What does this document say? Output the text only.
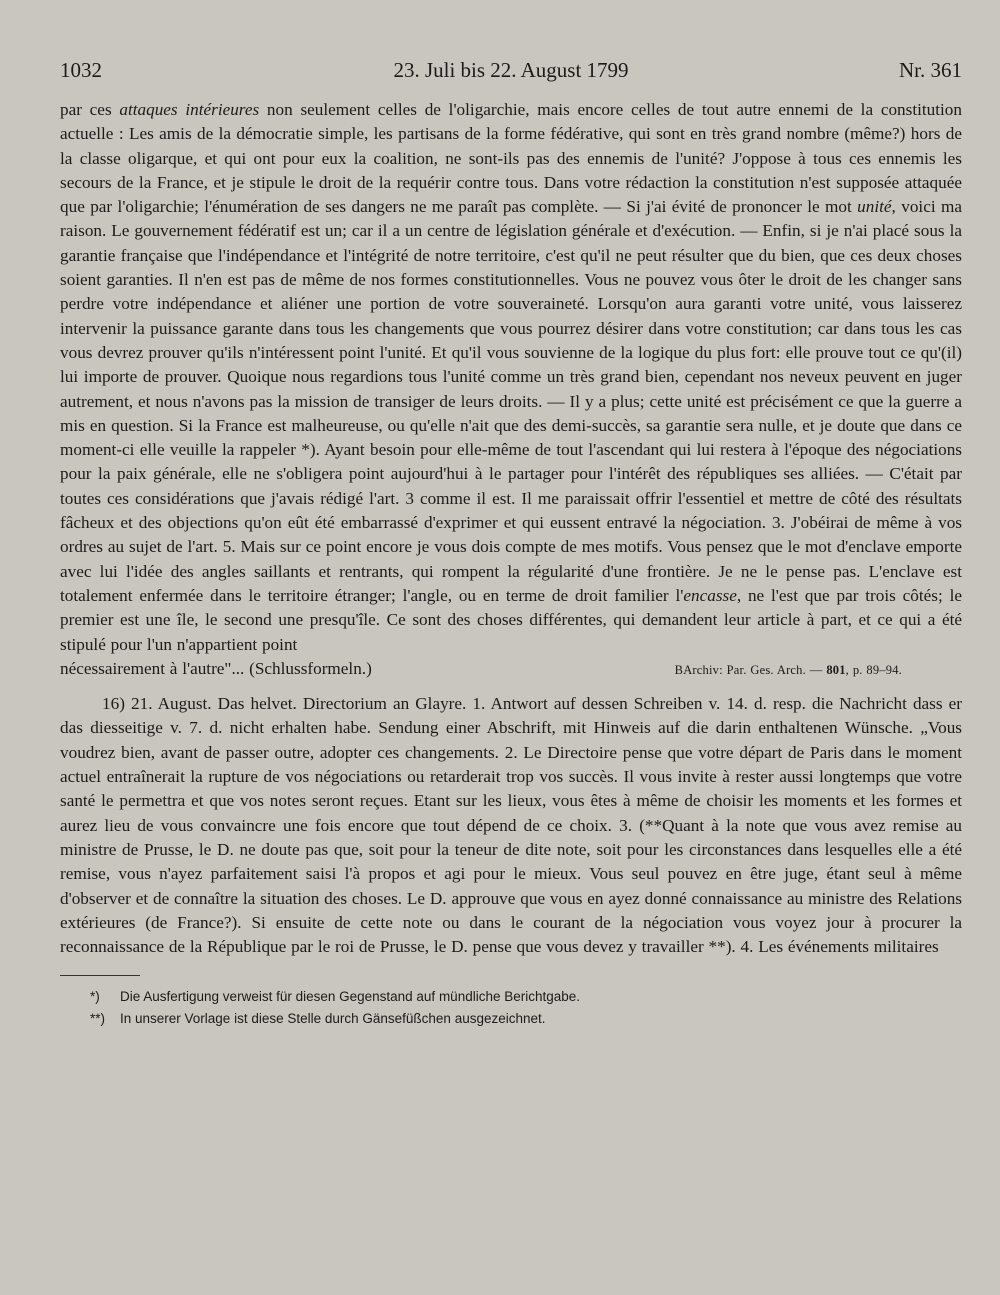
1032	23. Juli bis 22. August 1799	Nr. 361
par ces attaques intérieures non seulement celles de l'oligarchie, mais encore celles de tout autre ennemi de la constitution actuelle : Les amis de la démocratie simple, les partisans de la forme fédérative, qui sont en très grand nombre (même?) hors de la classe oligarque, et qui ont pour eux la coalition, ne sont-ils pas des ennemis de l'unité? J'oppose à tous ces ennemis les secours de la France, et je stipule le droit de la requérir contre tous. Dans votre rédaction la constitution n'est supposée attaquée que par l'oligarchie; l'énumération de ses dangers ne me paraît pas complète. — Si j'ai évité de prononcer le mot unité, voici ma raison. Le gouvernement fédératif est un; car il a un centre de législation générale et d'exécution. — Enfin, si je n'ai placé sous la garantie française que l'indépendance et l'intégrité de notre territoire, c'est qu'il ne peut résulter que du bien, que ces deux choses soient garanties. Il n'en est pas de même de nos formes constitutionnelles. Vous ne pouvez vous ôter le droit de les changer sans perdre votre indépendance et aliéner une portion de votre souveraineté. Lorsqu'on aura garanti votre unité, vous laisserez intervenir la puissance garante dans tous les changements que vous pourrez désirer dans votre constitution; car dans tous les cas vous devrez prouver qu'ils n'intéressent point l'unité. Et qu'il vous souvienne de la logique du plus fort: elle prouve tout ce qu'(il) lui importe de prouver. Quoique nous regardions tous l'unité comme un très grand bien, cependant nos neveux peuvent en juger autrement, et nous n'avons pas la mission de transiger de leurs droits. — Il y a plus; cette unité est précisément ce que la guerre a mis en question. Si la France est malheureuse, ou qu'elle n'ait que des demi-succès, sa garantie sera nulle, et je doute que dans ce moment-ci elle veuille la rappeler *). Ayant besoin pour elle-même de tout l'ascendant qui lui restera à l'époque des négociations pour la paix générale, elle ne s'obligera point aujourd'hui à le partager pour l'intérêt des républiques ses alliées. — C'était par toutes ces considérations que j'avais rédigé l'art. 3 comme il est. Il me paraissait offrir l'essentiel et mettre de côté des résultats fâcheux et des objections qu'on eût été embarrassé d'exprimer et qui eussent entravé la négociation. 3. J'obéirai de même à vos ordres au sujet de l'art. 5. Mais sur ce point encore je vous dois compte de mes motifs. Vous pensez que le mot d'enclave emporte avec lui l'idée des angles saillants et rentrants, qui rompent la régularité d'une frontière. Je ne le pense pas. L'enclave est totalement enfermée dans le territoire étranger; l'angle, ou en terme de droit familier l'encasse, ne l'est que par trois côtés; le premier est une île, le second une presqu'île. Ce sont des choses différentes, qui demandent leur article à part, et ce qui a été stipulé pour l'un n'appartient point
nécessairement à l'autre"... (Schlussformeln.)	BArchiv: Par. Ges. Arch. — 801, p. 89–94.
16) 21. August. Das helvet. Directorium an Glayre. 1. Antwort auf dessen Schreiben v. 14. d. resp. die Nachricht dass er das diesseitige v. 7. d. nicht erhalten habe. Sendung einer Abschrift, mit Hinweis auf die darin enthaltenen Wünsche. „Vous voudrez bien, avant de passer outre, adopter ces changements. 2. Le Directoire pense que votre départ de Paris dans le moment actuel entraînerait la rupture de vos négociations ou retarderait trop vos succès. Il vous invite à rester aussi longtemps que votre santé le permettra et que vos notes seront reçues. Etant sur les lieux, vous êtes à même de choisir les moments et les formes et aurez lieu de vous convaincre une fois encore que tout dépend de ce choix. 3. (**Quant à la note que vous avez remise au ministre de Prusse, le D. ne doute pas que, soit pour la teneur de dite note, soit pour les circonstances dans lesquelles elle a été remise, vous n'ayez parfaitement saisi l'à propos et agi pour le mieux. Vous seul pouvez en être juge, étant seul à même d'observer et de connaître la situation des choses. Le D. approuve que vous en ayez donné connaissance au ministre des Relations extérieures (de France?). Si ensuite de cette note ou dans le courant de la négociation vous voyez jour à procurer la reconnaissance de la République par le roi de Prusse, le D. pense que vous devez y travailler **). 4. Les événements militaires
*) Die Ausfertigung verweist für diesen Gegenstand auf mündliche Berichtgabe.
**) In unserer Vorlage ist diese Stelle durch Gänsefüßchen ausgezeichnet.
